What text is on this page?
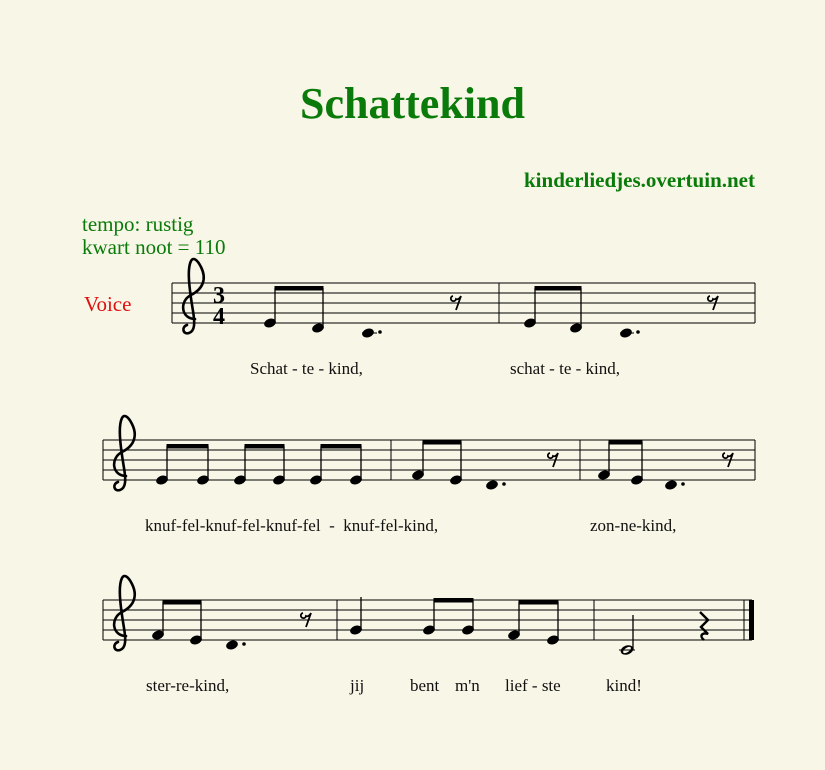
Schattekind
kinderliedjes.overtuin.net
tempo: rustig
kwart noot = 110
Voice	3
4
Schat - te - kind,	schat - te - kind,
knuf-fel-knuf-fel-knuf-fel  -  knuf-fel-kind,	zon-ne-kind,
ster-re-kind,	jij	bent m'n lief - ste	kind!
